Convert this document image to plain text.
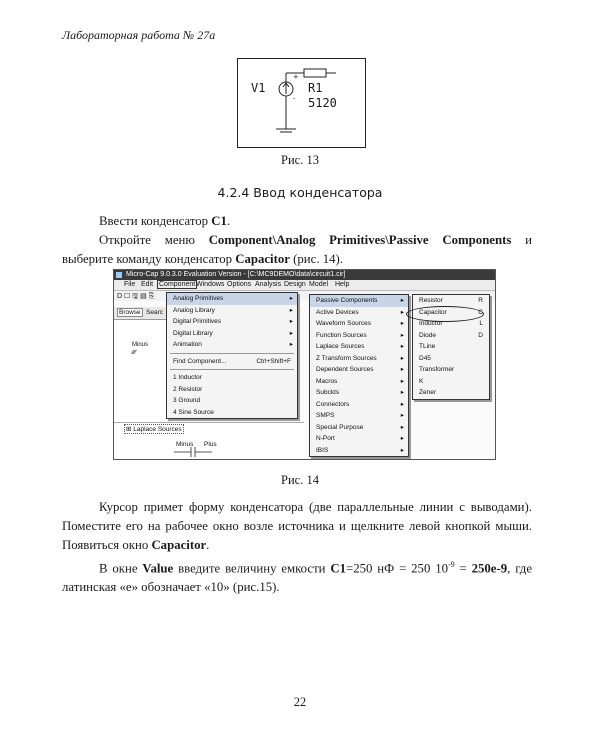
Лабораторная работа № 27а
V1
+
-
R1
5120
Рис. 13
4.2.4 Ввод конденсатора
Ввести конденсатор C1.
Откройте меню Component\Analog Primitives\Passive Components и выберите команду конденсатор Capacitor (рис. 14).
Micro-Cap 9.0.3.0 Evaluation Version - [C:\MC9DEMO\data\circuit1.cir]
File Edit Component Windows Options Analysis Design Model Help
D ☐ 🖫 ▤ ⎘
Browse Searc
Minus
∕∕∕∕
⊞ Laplace Sources
Minus Plus
Analog Primitives	▸
Analog Library	▸
Digital Primitives	▸
Digital Library	▸
Animation	▸
Find Component...	Ctrl+Shift+F
1 Inductor
2 Resistor
3 Ground
4 Sine Source
Passive Components	▸
Active Devices	▸
Waveform Sources	▸
Function Sources	▸
Laplace Sources	▸
Z Transform Sources	▸
Dependent Sources	▸
Macros	▸
Subckts	▸
Connectors	▸
SMPS	▸
Special Purpose	▸
N-Port	▸
IBIS	▸
Resistor	R
Capacitor	C
Inductor	L
Diode	D
TLine
D45
Transformer
K
Zener
Рис. 14
Курсор примет форму конденсатора (две параллельные линии с выводами). Поместите его на рабочее окно возле источника и щелкните левой кнопкой мыши. Появиться окно Capacitor.
В окне Value введите величину емкости C1=250 нФ = 250 $10^{-9} = 250e-9$, где латинская «е» обозначает «10» (рис.15).
22
